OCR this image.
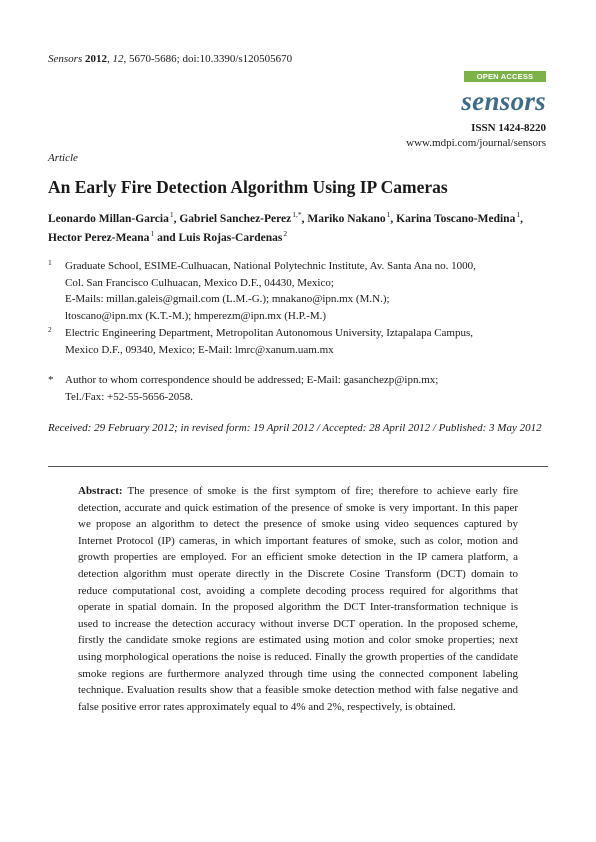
Sensors 2012, 12, 5670-5686; doi:10.3390/s120505670
OPEN ACCESS
sensors
ISSN 1424-8220
www.mdpi.com/journal/sensors
Article
An Early Fire Detection Algorithm Using IP Cameras
Leonardo Millan-Garcia$^1$, Gabriel Sanchez-Perez$^{1,*}$, Mariko Nakano$^1$, Karina Toscano-Medina$^1$,
Hector Perez-Meana$^1$ and Luis Rojas-Cardenas$^2$
1 Graduate School, ESIME-Culhuacan, National Polytechnic Institute, Av. Santa Ana no. 1000,
Col. San Francisco Culhuacan, Mexico D.F., 04430, Mexico;
E-Mails: millan.galeis@gmail.com (L.M.-G.); mnakano@ipn.mx (M.N.);
ltoscano@ipn.mx (K.T.-M.); hmperezm@ipn.mx (H.P.-M.)
2 Electric Engineering Department, Metropolitan Autonomous University, Iztapalapa Campus,
Mexico D.F., 09340, Mexico; E-Mail: lmrc@xanum.uam.mx
* Author to whom correspondence should be addressed; E-Mail: gasanchezp@ipn.mx;
Tel./Fax: +52-55-5656-2058.
Received: 29 February 2012; in revised form: 19 April 2012 / Accepted: 28 April 2012 / Published: 3 May 2012
Abstract: The presence of smoke is the first symptom of fire; therefore to achieve early fire detection, accurate and quick estimation of the presence of smoke is very important. In this paper we propose an algorithm to detect the presence of smoke using video sequences captured by Internet Protocol (IP) cameras, in which important features of smoke, such as color, motion and growth properties are employed. For an efficient smoke detection in the IP camera platform, a detection algorithm must operate directly in the Discrete Cosine Transform (DCT) domain to reduce computational cost, avoiding a complete decoding process required for algorithms that operate in spatial domain. In the proposed algorithm the DCT Inter-transformation technique is used to increase the detection accuracy without inverse DCT operation. In the proposed scheme, firstly the candidate smoke regions are estimated using motion and color smoke properties; next using morphological operations the noise is reduced. Finally the growth properties of the candidate smoke regions are furthermore analyzed through time using the connected component labeling technique. Evaluation results show that a feasible smoke detection method with false negative and false positive error rates approximately equal to 4% and 2%, respectively, is obtained.
